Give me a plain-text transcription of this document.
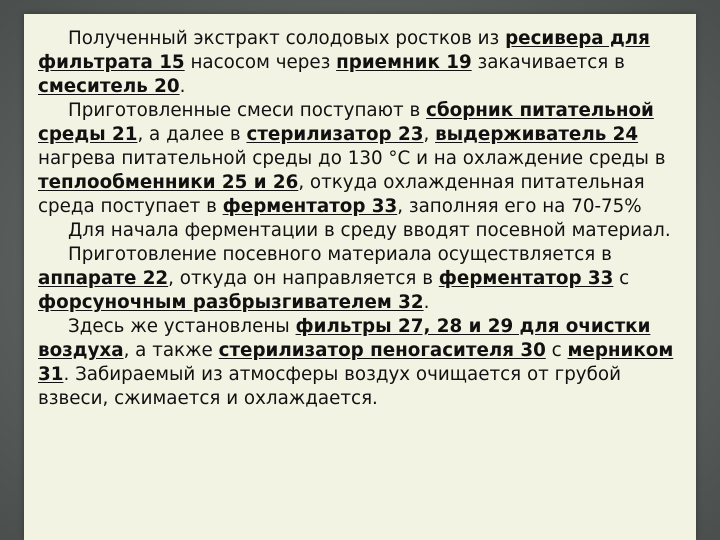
Полученный экстракт солодовых ростков из ресивера для фильтрата 15 насосом через приемник 19 закачивается в смеситель 20.

Приготовленные смеси поступают в сборник питательной среды 21, а далее в стерилизатор 23, выдерживатель 24 нагрева питательной среды до 130 °С и на охлаждение среды в теплообменники 25 и 26, откуда охлажденная питательная среда поступает в ферментатор 33, заполняя его на 70-75%

Для начала ферментации в среду вводят посевной материал.

Приготовление посевного материала осуществляется в аппарате 22, откуда он направляется в ферментатор 33 с форсуночным разбрызгивателем 32.

Здесь же установлены фильтры 27, 28 и 29 для очистки воздуха, а также стерилизатор пеногасителя 30 с мерником 31. Забираемый из атмосферы воздух очищается от грубой взвеси, сжимается и охлаждается.
